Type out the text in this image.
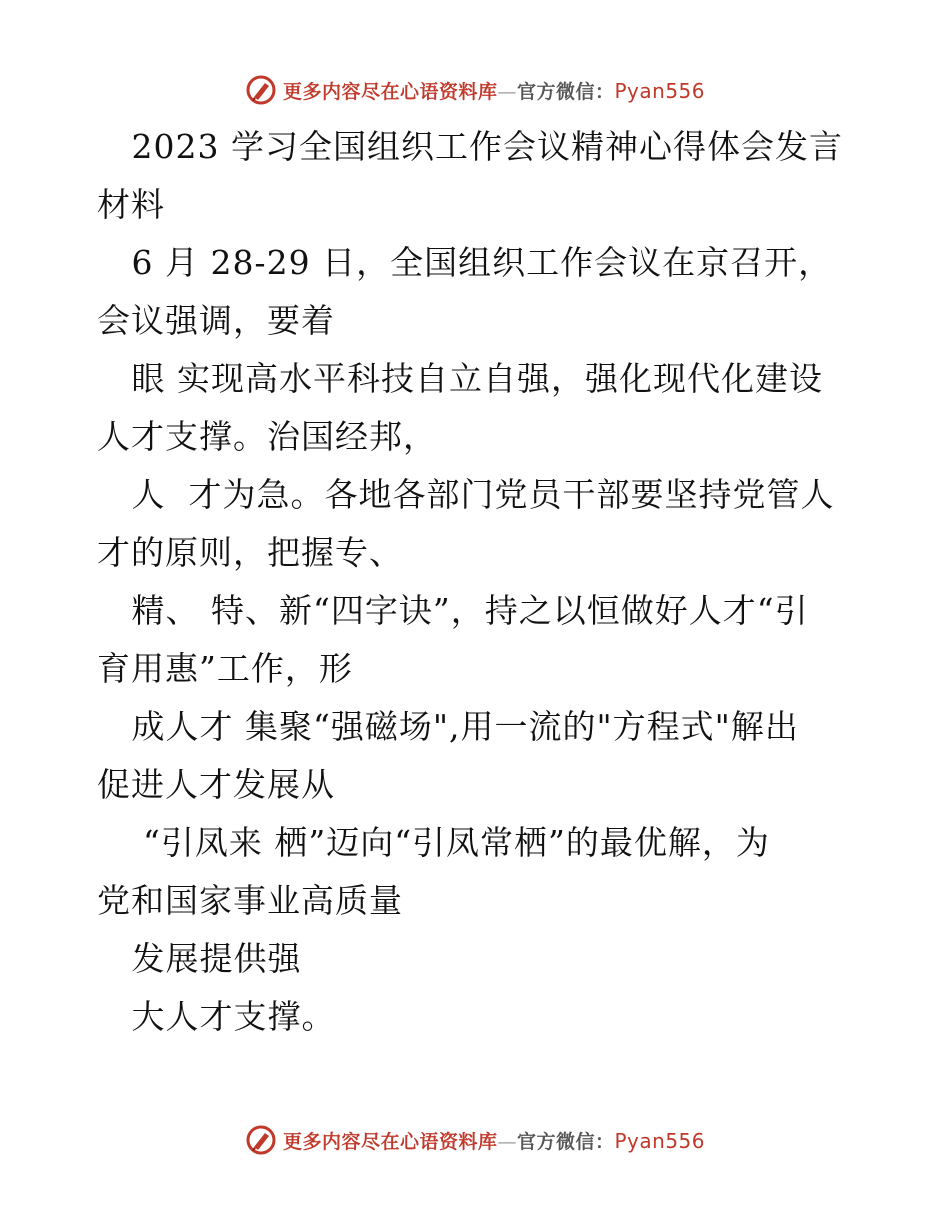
更多内容尽在心语资料库—官方微信：Pyan556
2023 学习全国组织工作会议精神心得体会发言
材料
6 月 28-29 日，全国组织工作会议在京召开，
会议强调，要着
眼 实现高水平科技自立自强，强化现代化建设
人才支撑。治国经邦，
人  才为急。各地各部门党员干部要坚持党管人
才的原则，把握专、
精、 特、新“四字诀”，持之以恒做好人才“引
育用惠”工作，形
成人才 集聚“强磁场",用一流的"方程式"解出
促进人才发展从
“引凤来 栖”迈向“引凤常栖”的最优解，为
党和国家事业高质量
发展提供强
大人才支撑。
更多内容尽在心语资料库—官方微信：Pyan556
